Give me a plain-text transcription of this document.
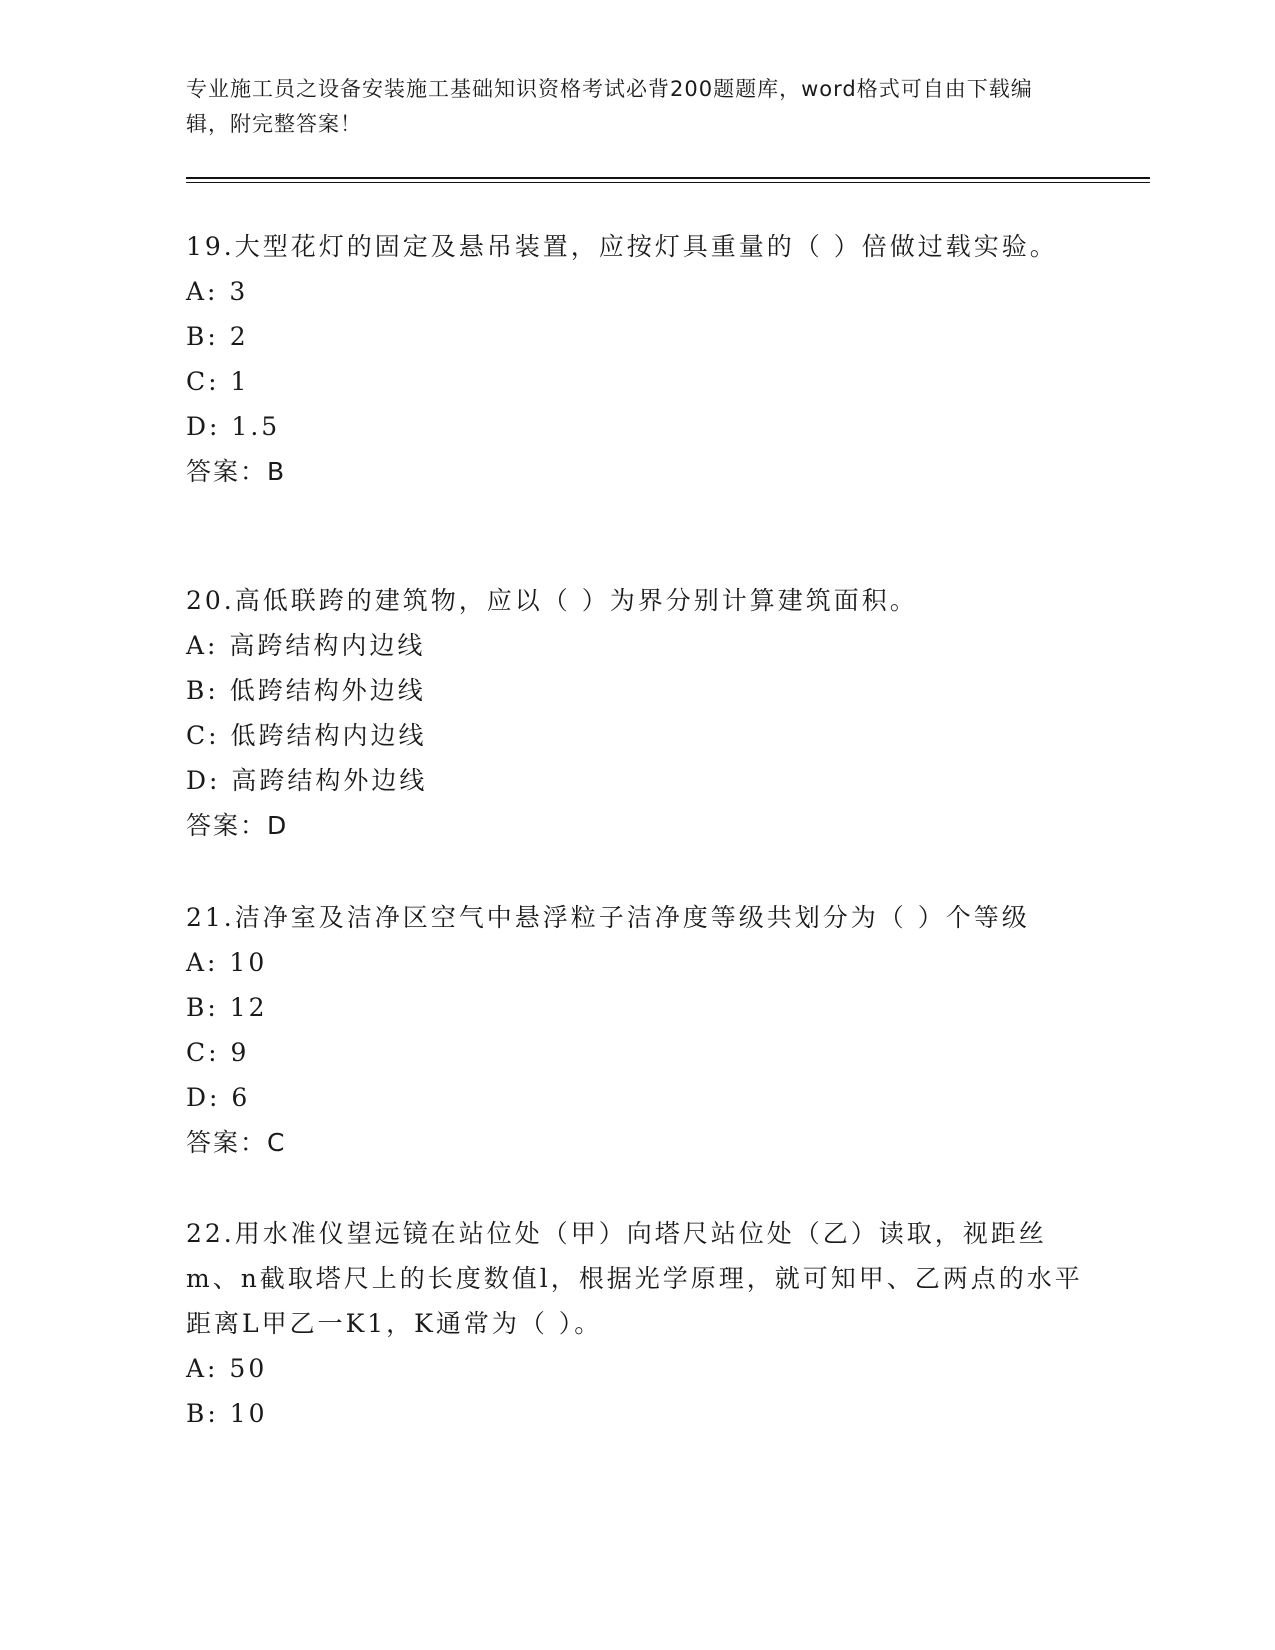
专业施工员之设备安装施工基础知识资格考试必背200题题库，word格式可自由下载编辑，附完整答案！

19.大型花灯的固定及悬吊装置，应按灯具重量的（ ）倍做过载实验。

A: 3

B: 2

C: 1

D: 1.5

答案：B

20.高低联跨的建筑物，应以（ ）为界分别计算建筑面积。

A: 高跨结构内边线

B: 低跨结构外边线

C: 低跨结构内边线

D: 高跨结构外边线

答案：D

21.洁净室及洁净区空气中悬浮粒子洁净度等级共划分为（ ）个等级

A: 10

B: 12

C: 9

D: 6

答案：C

22.用水准仪望远镜在站位处（甲）向塔尺站位处（乙）读取，视距丝m、n截取塔尺上的长度数值l，根据光学原理，就可知甲、乙两点的水平距离L甲乙一K1，K通常为（ ）。

A: 50

B: 10
